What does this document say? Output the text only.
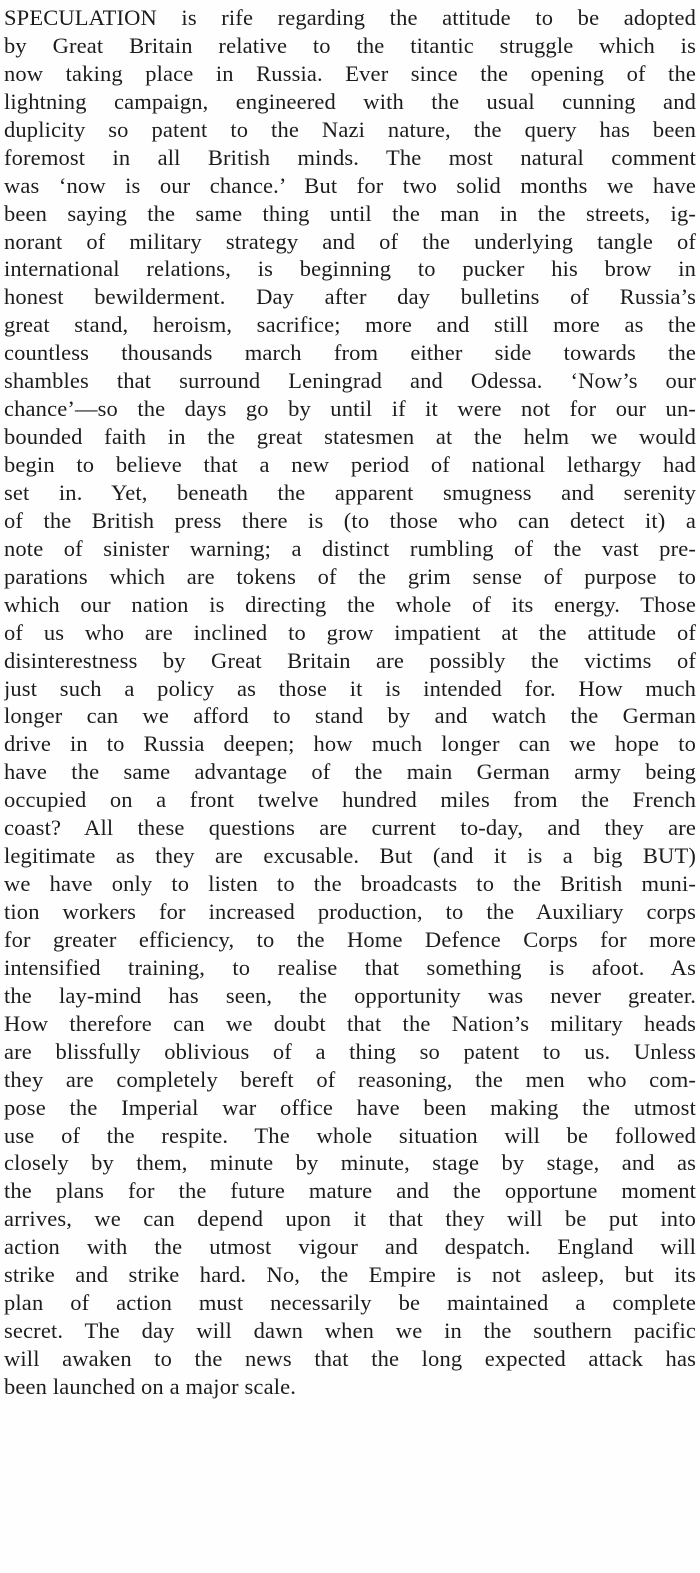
SPECULATION is rife regarding the attitude to be adopted
by Great Britain relative to the titantic struggle which is
now taking place in Russia. Ever since the opening of the
lightning campaign, engineered with the usual cunning and
duplicity so patent to the Nazi nature, the query has been
foremost in all British minds. The most natural comment
was ‘now is our chance.’ But for two solid months we have
been saying the same thing until the man in the streets, ig-
norant of military strategy and of the underlying tangle of
international relations, is beginning to pucker his brow in
honest bewilderment. Day after day bulletins of Russia’s
great stand, heroism, sacrifice; more and still more as the
countless thousands march from either side towards the
shambles that surround Leningrad and Odessa. ‘Now’s our
chance’—so the days go by until if it were not for our un-
bounded faith in the great statesmen at the helm we would
begin to believe that a new period of national lethargy had
set in. Yet, beneath the apparent smugness and serenity
of the British press there is (to those who can detect it) a
note of sinister warning; a distinct rumbling of the vast pre-
parations which are tokens of the grim sense of purpose to
which our nation is directing the whole of its energy. Those
of us who are inclined to grow impatient at the attitude of
disinterestness by Great Britain are possibly the victims of
just such a policy as those it is intended for. How much
longer can we afford to stand by and watch the German
drive in to Russia deepen; how much longer can we hope to
have the same advantage of the main German army being
occupied on a front twelve hundred miles from the French
coast? All these questions are current to-day, and they are
legitimate as they are excusable. But (and it is a big BUT)
we have only to listen to the broadcasts to the British muni-
tion workers for increased production, to the Auxiliary corps
for greater efficiency, to the Home Defence Corps for more
intensified training, to realise that something is afoot. As
the lay-mind has seen, the opportunity was never greater.
How therefore can we doubt that the Nation’s military heads
are blissfully oblivious of a thing so patent to us. Unless
they are completely bereft of reasoning, the men who com-
pose the Imperial war office have been making the utmost
use of the respite. The whole situation will be followed
closely by them, minute by minute, stage by stage, and as
the plans for the future mature and the opportune moment
arrives, we can depend upon it that they will be put into
action with the utmost vigour and despatch. England will
strike and strike hard. No, the Empire is not asleep, but its
plan of action must necessarily be maintained a complete
secret. The day will dawn when we in the southern pacific
will awaken to the news that the long expected attack has
been launched on a major scale.
